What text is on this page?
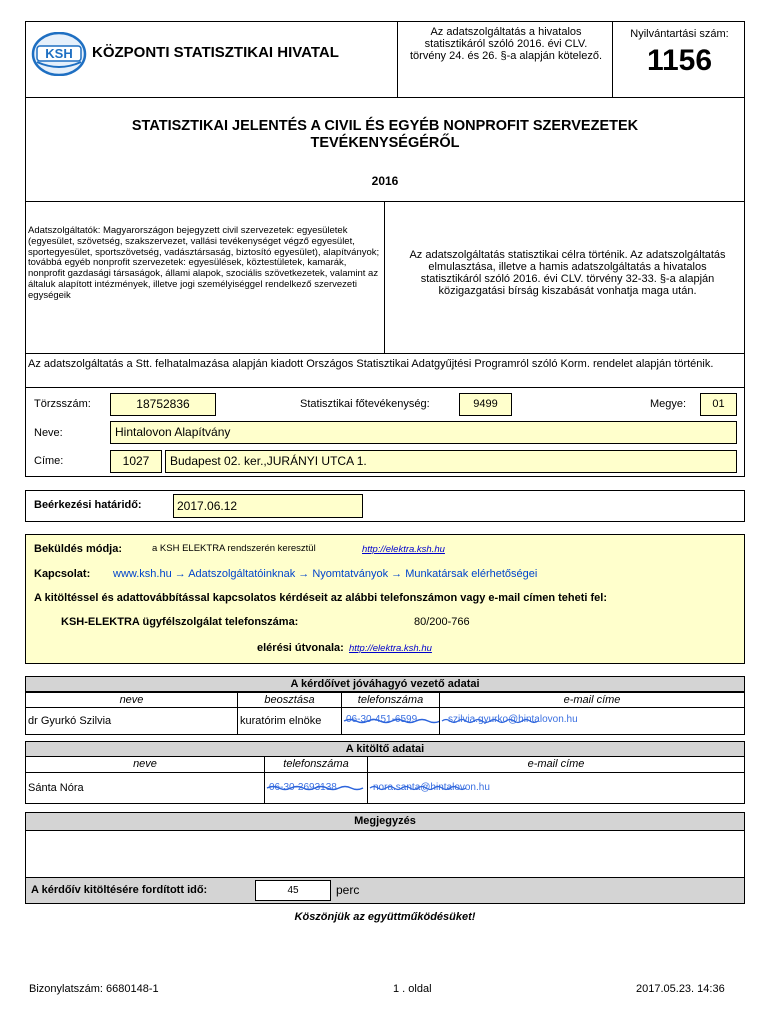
KSH	KÖZPONTI STATISZTIKAI HIVATAL
Az adatszolgáltatás a hivatalos statisztikáról szóló 2016. évi CLV. törvény 24. és 26. §-a alapján kötelező.
Nyilvántartási szám:
1156
STATISZTIKAI JELENTÉS A CIVIL ÉS EGYÉB NONPROFIT SZERVEZETEK
TEVÉKENYSÉGÉRŐL
2016
Adatszolgáltatók: Magyarországon bejegyzett civil szervezetek: egyesületek (egyesület, szövetség, szakszervezet, vallási tevékenységet végző egyesület, sportegyesület, sportszövetség, vadásztársaság, biztosító egyesület), alapítványok; továbbá egyéb nonprofit szervezetek: egyesülések, köztestületek, kamarák, nonprofit gazdasági társaságok, állami alapok, szociális szövetkezetek, valamint az általuk alapított intézmények, illetve jogi személyiséggel rendelkező szervezeti egységeik
Az adatszolgáltatás statisztikai célra történik. Az adatszolgáltatás elmulasztása, illetve a hamis adatszolgáltatás a hivatalos statisztikáról szóló 2016. évi CLV. törvény 32-33. §-a alapján közigazgatási bírság kiszabását vonhatja maga után.
Az adatszolgáltatás a Stt. felhatalmazása alapján kiadott Országos Statisztikai Adatgyűjtési Programról szóló Korm. rendelet alapján történik.
Törzsszám:	18752836	Statisztikai főtevékenység:	9499	Megye:	01
Neve:	Hintalovon Alapítvány
Címe:	1027	Budapest 02. ker.,JURÁNYI UTCA 1.
Beérkezési határidő:	2017.06.12
Beküldés módja:	a KSH ELEKTRA rendszerén keresztül	http://elektra.ksh.hu
Kapcsolat: www.ksh.hu → Adatszolgáltatóinknak → Nyomtatványok → Munkatársak elérhetőségei
A kitöltéssel és adattovábbítással kapcsolatos kérdéseit az alábbi telefonszámon vagy e-mail címen teheti fel:
KSH-ELEKTRA ügyfélszolgálat telefonszáma:	80/200-766
elérési útvonala: http://elektra.ksh.hu
A kérdőívet jóváhagyó vezető adatai
neve	beosztása	telefonszáma	e-mail címe
dr Gyurkó Szilvia	kuratórim elnöke	06-30-451-6599	szilvia.gyurko@hintalovon.hu
A kitöltő adatai
neve	telefonszáma	e-mail címe
Sánta Nóra	06-30-2693138	nora.santa@hintalovon.hu
Megjegyzés
A kérdőív kitöltésére fordított idő:	45	perc
Köszönjük az együttműködésüket!
Bizonylatszám: 6680148-1	1 . oldal	2017.05.23. 14:36
